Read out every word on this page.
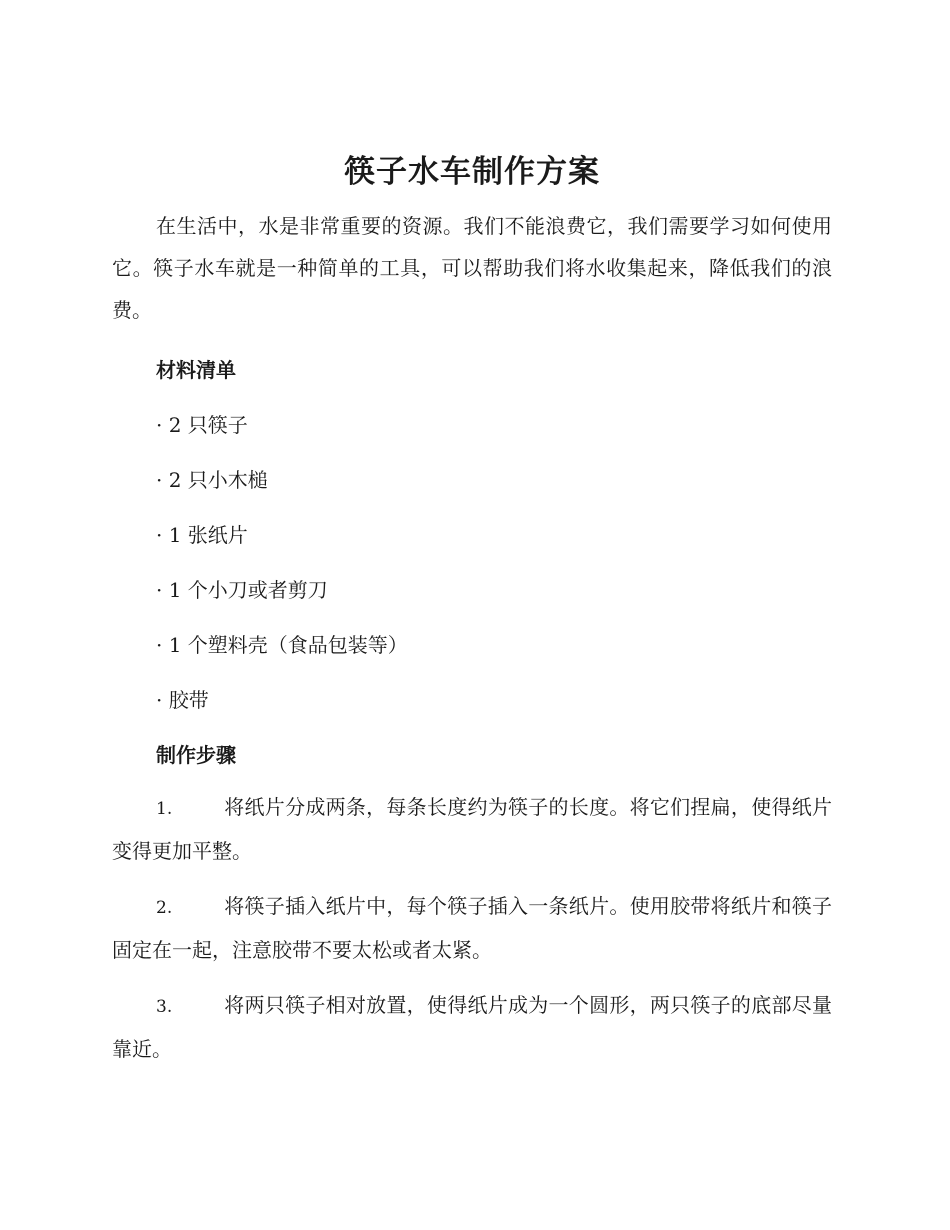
筷子水车制作方案

在生活中，水是非常重要的资源。我们不能浪费它，我们需要学习如何使用它。筷子水车就是一种简单的工具，可以帮助我们将水收集起来，降低我们的浪费。

材料清单
· 2 只筷子
· 2 只小木槌
· 1 张纸片
· 1 个小刀或者剪刀
· 1 个塑料壳（食品包装等）
· 胶带
制作步骤
1.	将纸片分成两条，每条长度约为筷子的长度。将它们捏扁，使得纸片变得更加平整。
2.	将筷子插入纸片中，每个筷子插入一条纸片。使用胶带将纸片和筷子固定在一起，注意胶带不要太松或者太紧。
3.	将两只筷子相对放置，使得纸片成为一个圆形，两只筷子的底部尽量靠近。
